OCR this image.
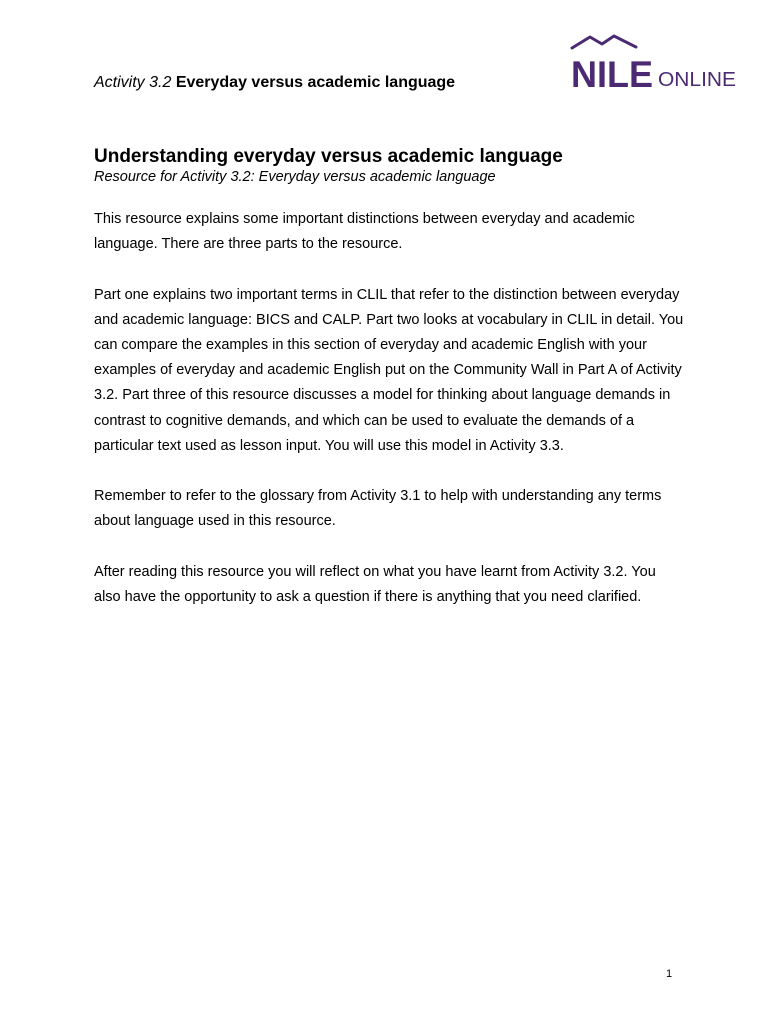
Activity 3.2 Everyday versus academic language	NILE ONLINE
Understanding everyday versus academic language
Resource for Activity 3.2: Everyday versus academic language

This resource explains some important distinctions between everyday and academic language. There are three parts to the resource.

Part one explains two important terms in CLIL that refer to the distinction between everyday and academic language: BICS and CALP. Part two looks at vocabulary in CLIL in detail. You can compare the examples in this section of everyday and academic English with your examples of everyday and academic English put on the Community Wall in Part A of Activity 3.2. Part three of this resource discusses a model for thinking about language demands in contrast to cognitive demands, and which can be used to evaluate the demands of a particular text used as lesson input. You will use this model in Activity 3.3.

Remember to refer to the glossary from Activity 3.1 to help with understanding any terms about language used in this resource.

After reading this resource you will reflect on what you have learnt from Activity 3.2. You also have the opportunity to ask a question if there is anything that you need clarified.

1
